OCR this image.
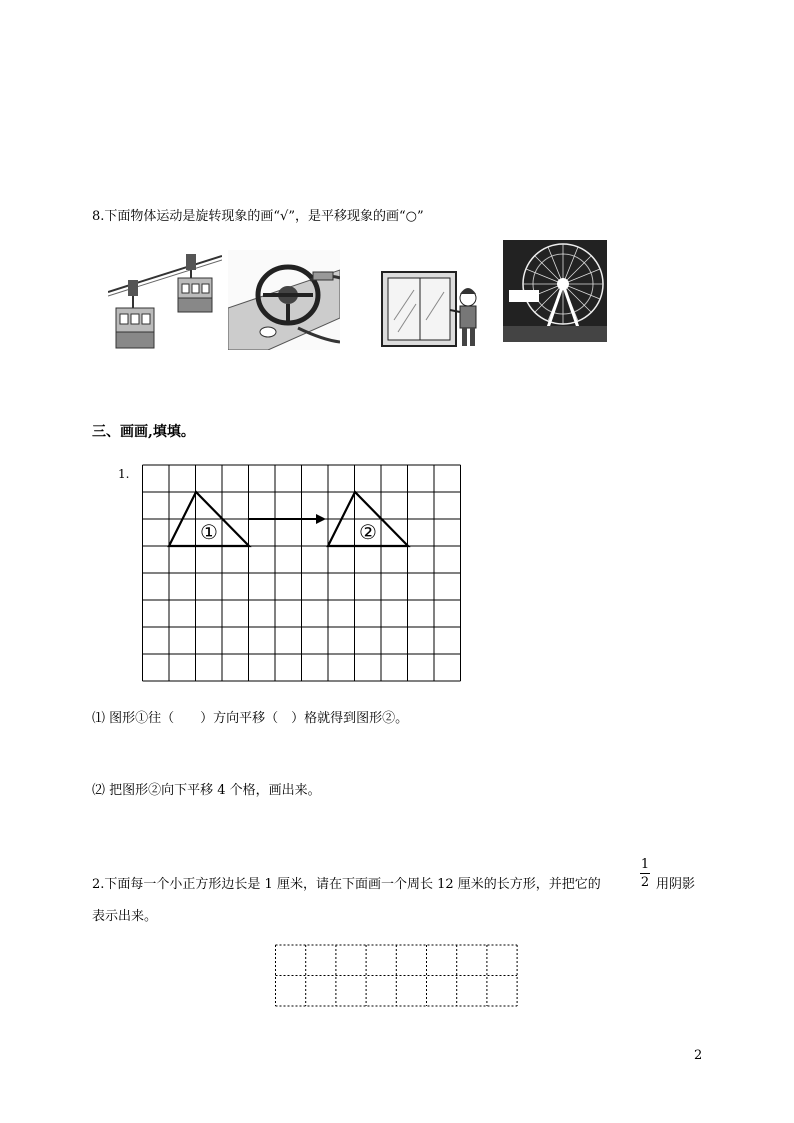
8.下面物体运动是旋转现象的画“√”，是平移现象的画“○”
三、画画,填填。
1.
①	②
⑴ 图形①往（　　）方向平移（　）格就得到图形②。
⑵ 把图形②向下平移 4 个格，画出来。
2.下面每一个小正方形边长是 1 厘米，请在下面画一个周长 12 厘米的长方形，并把它的
1
2 用阴影
表示出来。
2
